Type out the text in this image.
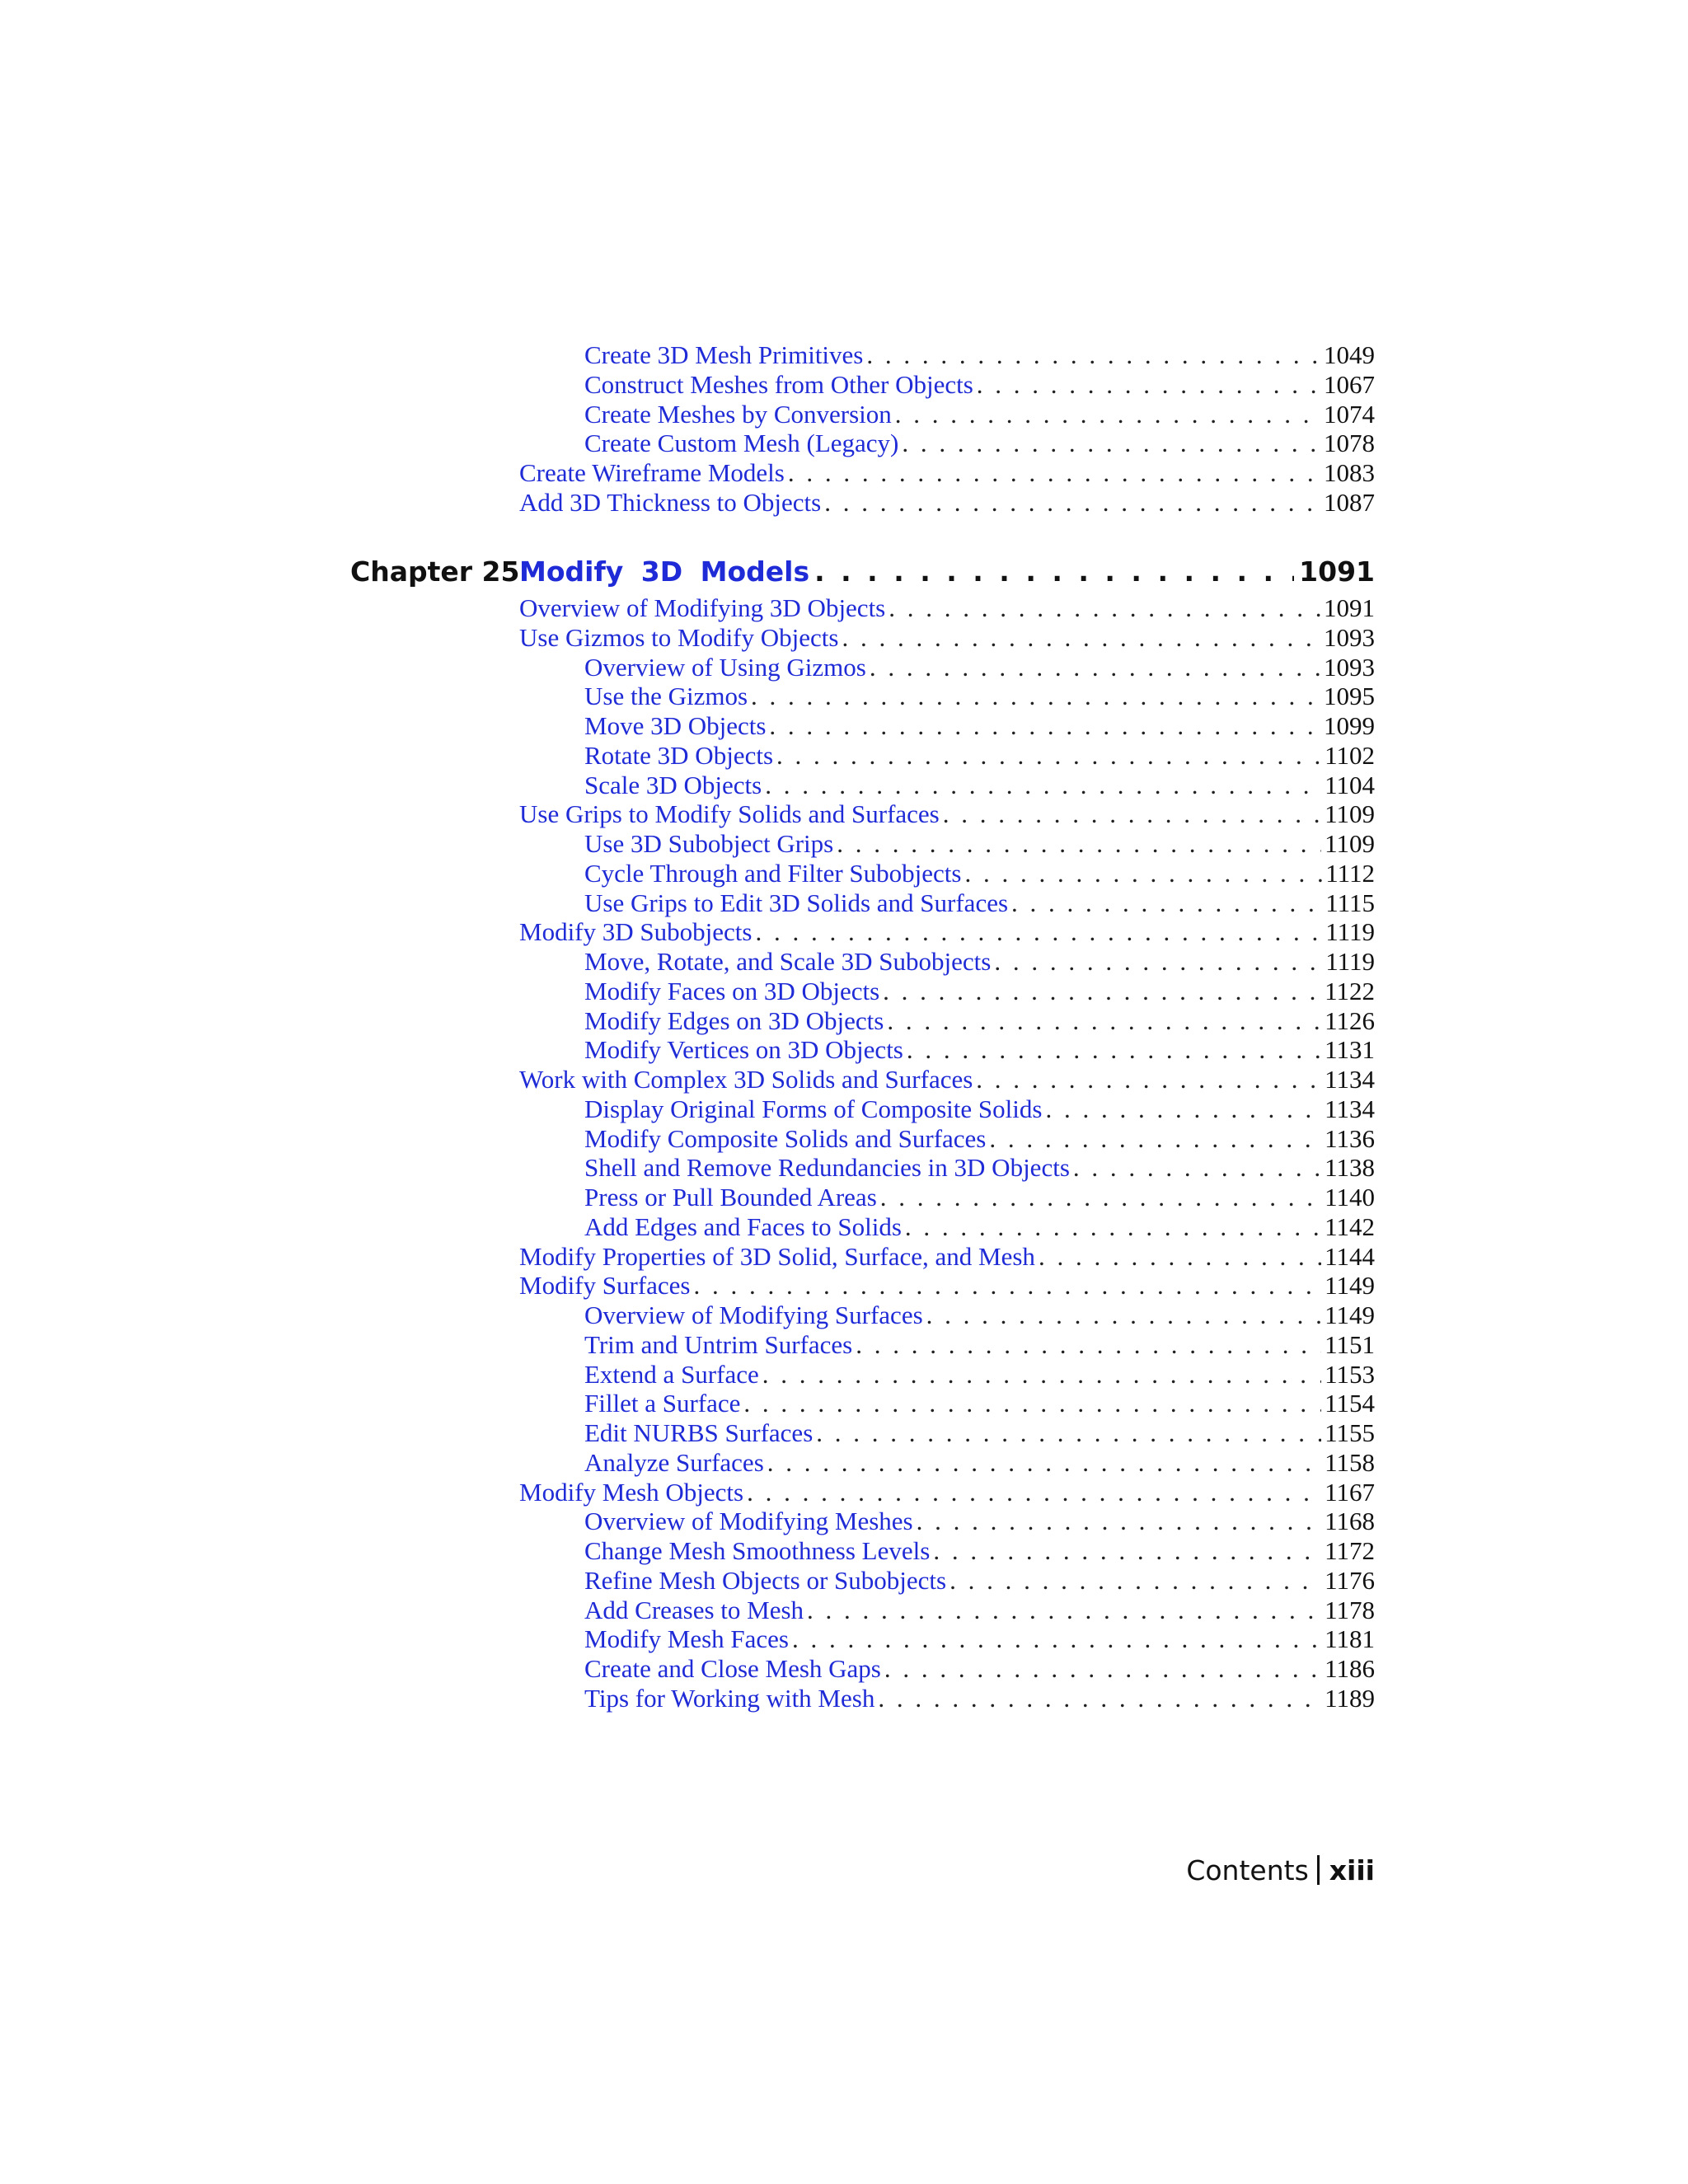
Create 3D Mesh Primitives . . .	1049
Construct Meshes from Other Objects . . .	1067
Create Meshes by Conversion . . .	1074
Create Custom Mesh (Legacy) . . .	1078
Create Wireframe Models . . .	1083
Add 3D Thickness to Objects . . .	1087
Chapter 25 Modify 3D Models . . .	1091
Overview of Modifying 3D Objects . . .	1091
Use Gizmos to Modify Objects . . .	1093
Overview of Using Gizmos . . .	1093
Use the Gizmos . . .	1095
Move 3D Objects . . .	1099
Rotate 3D Objects . . .	1102
Scale 3D Objects . . .	1104
Use Grips to Modify Solids and Surfaces . . .	1109
Use 3D Subobject Grips . . .	1109
Cycle Through and Filter Subobjects . . .	1112
Use Grips to Edit 3D Solids and Surfaces . . .	1115
Modify 3D Subobjects . . .	1119
Move, Rotate, and Scale 3D Subobjects . . .	1119
Modify Faces on 3D Objects . . .	1122
Modify Edges on 3D Objects . . .	1126
Modify Vertices on 3D Objects . . .	1131
Work with Complex 3D Solids and Surfaces . . .	1134
Display Original Forms of Composite Solids . . .	1134
Modify Composite Solids and Surfaces . . .	1136
Shell and Remove Redundancies in 3D Objects . . .	1138
Press or Pull Bounded Areas . . .	1140
Add Edges and Faces to Solids . . .	1142
Modify Properties of 3D Solid, Surface, and Mesh . . .	1144
Modify Surfaces . . .	1149
Overview of Modifying Surfaces . . .	1149
Trim and Untrim Surfaces . . .	1151
Extend a Surface . . .	1153
Fillet a Surface . . .	1154
Edit NURBS Surfaces . . .	1155
Analyze Surfaces . . .	1158
Modify Mesh Objects . . .	1167
Overview of Modifying Meshes . . .	1168
Change Mesh Smoothness Levels . . .	1172
Refine Mesh Objects or Subobjects . . .	1176
Add Creases to Mesh . . .	1178
Modify Mesh Faces . . .	1181
Create and Close Mesh Gaps . . .	1186
Tips for Working with Mesh . . .	1189
Contents xiii
